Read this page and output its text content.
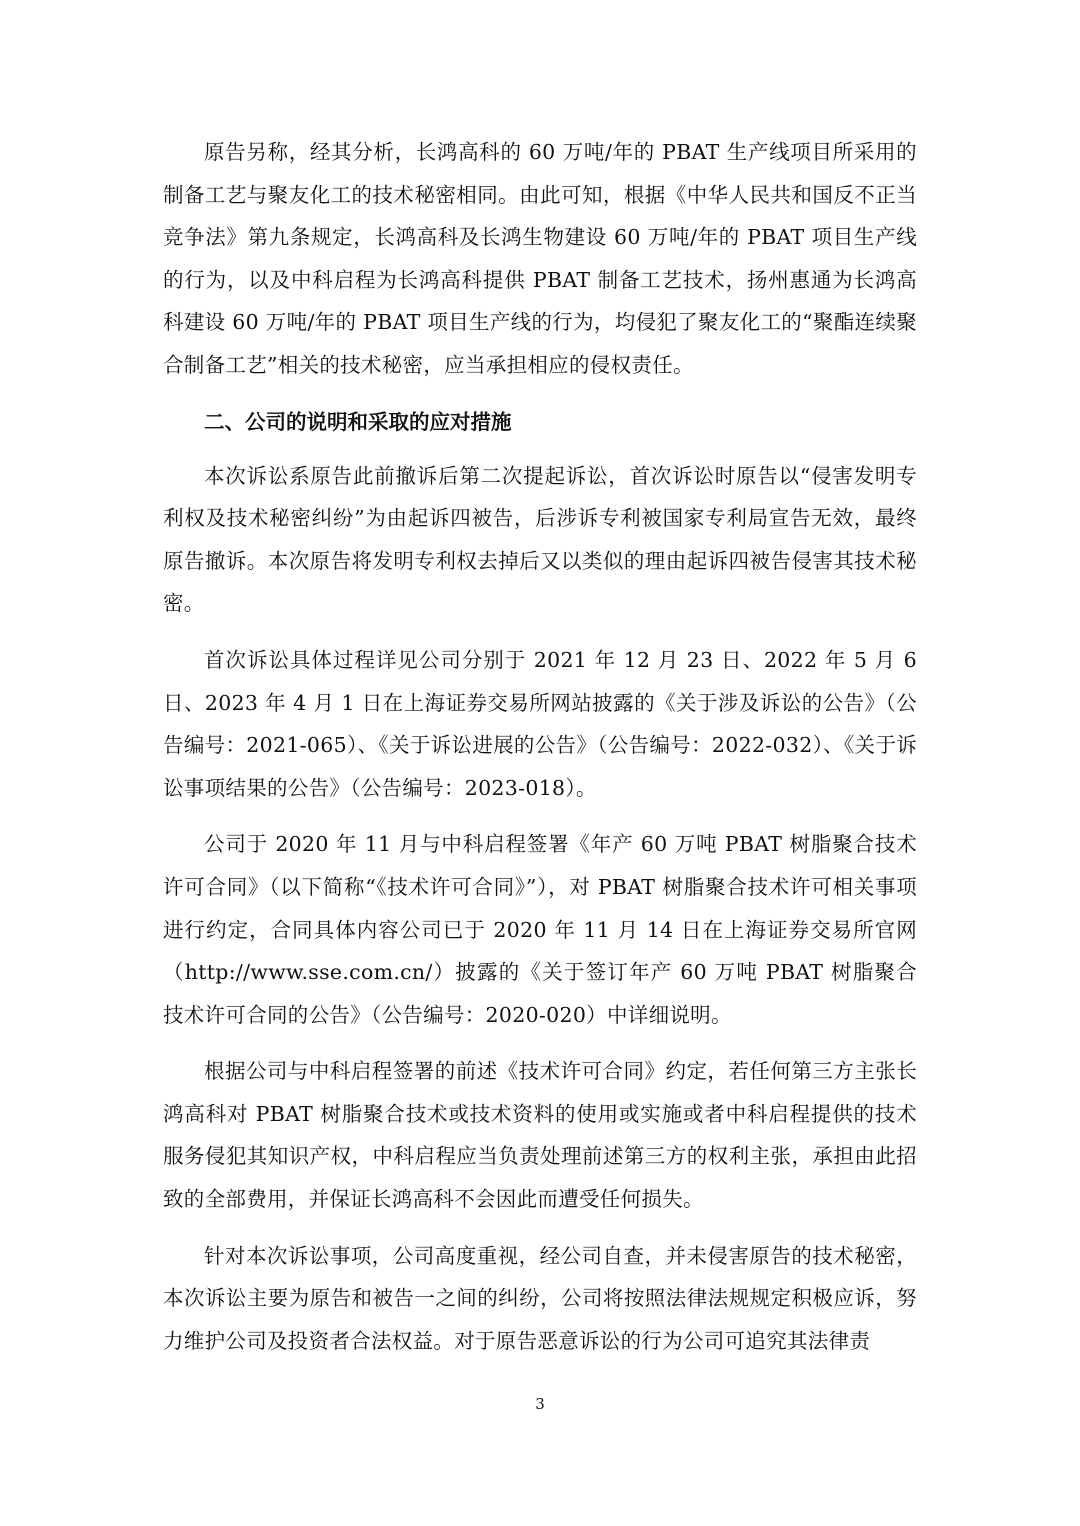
原告另称，经其分析，长鸿高科的 60 万吨/年的 PBAT 生产线项目所采用的制备工艺与聚友化工的技术秘密相同。由此可知，根据《中华人民共和国反不正当竞争法》第九条规定，长鸿高科及长鸿生物建设 60 万吨/年的 PBAT 项目生产线的行为，以及中科启程为长鸿高科提供 PBAT 制备工艺技术，扬州惠通为长鸿高科建设 60 万吨/年的 PBAT 项目生产线的行为，均侵犯了聚友化工的“聚酯连续聚合制备工艺”相关的技术秘密，应当承担相应的侵权责任。

二、公司的说明和采取的应对措施

本次诉讼系原告此前撤诉后第二次提起诉讼，首次诉讼时原告以“侵害发明专利权及技术秘密纠纷”为由起诉四被告，后涉诉专利被国家专利局宣告无效，最终原告撤诉。本次原告将发明专利权去掉后又以类似的理由起诉四被告侵害其技术秘密。

首次诉讼具体过程详见公司分别于 2021 年 12 月 23 日、2022 年 5 月 6 日、2023 年 4 月 1 日在上海证券交易所网站披露的《关于涉及诉讼的公告》（公告编号：2021-065）、《关于诉讼进展的公告》（公告编号：2022-032）、《关于诉讼事项结果的公告》（公告编号：2023-018）。

公司于 2020 年 11 月与中科启程签署《年产 60 万吨 PBAT 树脂聚合技术许可合同》（以下简称“《技术许可合同》”），对 PBAT 树脂聚合技术许可相关事项进行约定，合同具体内容公司已于 2020 年 11 月 14 日在上海证券交易所官网（http://www.sse.com.cn/）披露的《关于签订年产 60 万吨 PBAT 树脂聚合技术许可合同的公告》（公告编号：2020-020）中详细说明。

根据公司与中科启程签署的前述《技术许可合同》约定，若任何第三方主张长鸿高科对 PBAT 树脂聚合技术或技术资料的使用或实施或者中科启程提供的技术服务侵犯其知识产权，中科启程应当负责处理前述第三方的权利主张，承担由此招致的全部费用，并保证长鸿高科不会因此而遭受任何损失。

针对本次诉讼事项，公司高度重视，经公司自查，并未侵害原告的技术秘密，本次诉讼主要为原告和被告一之间的纠纷，公司将按照法律法规规定积极应诉，努力维护公司及投资者合法权益。对于原告恶意诉讼的行为公司可追究其法律责

3
